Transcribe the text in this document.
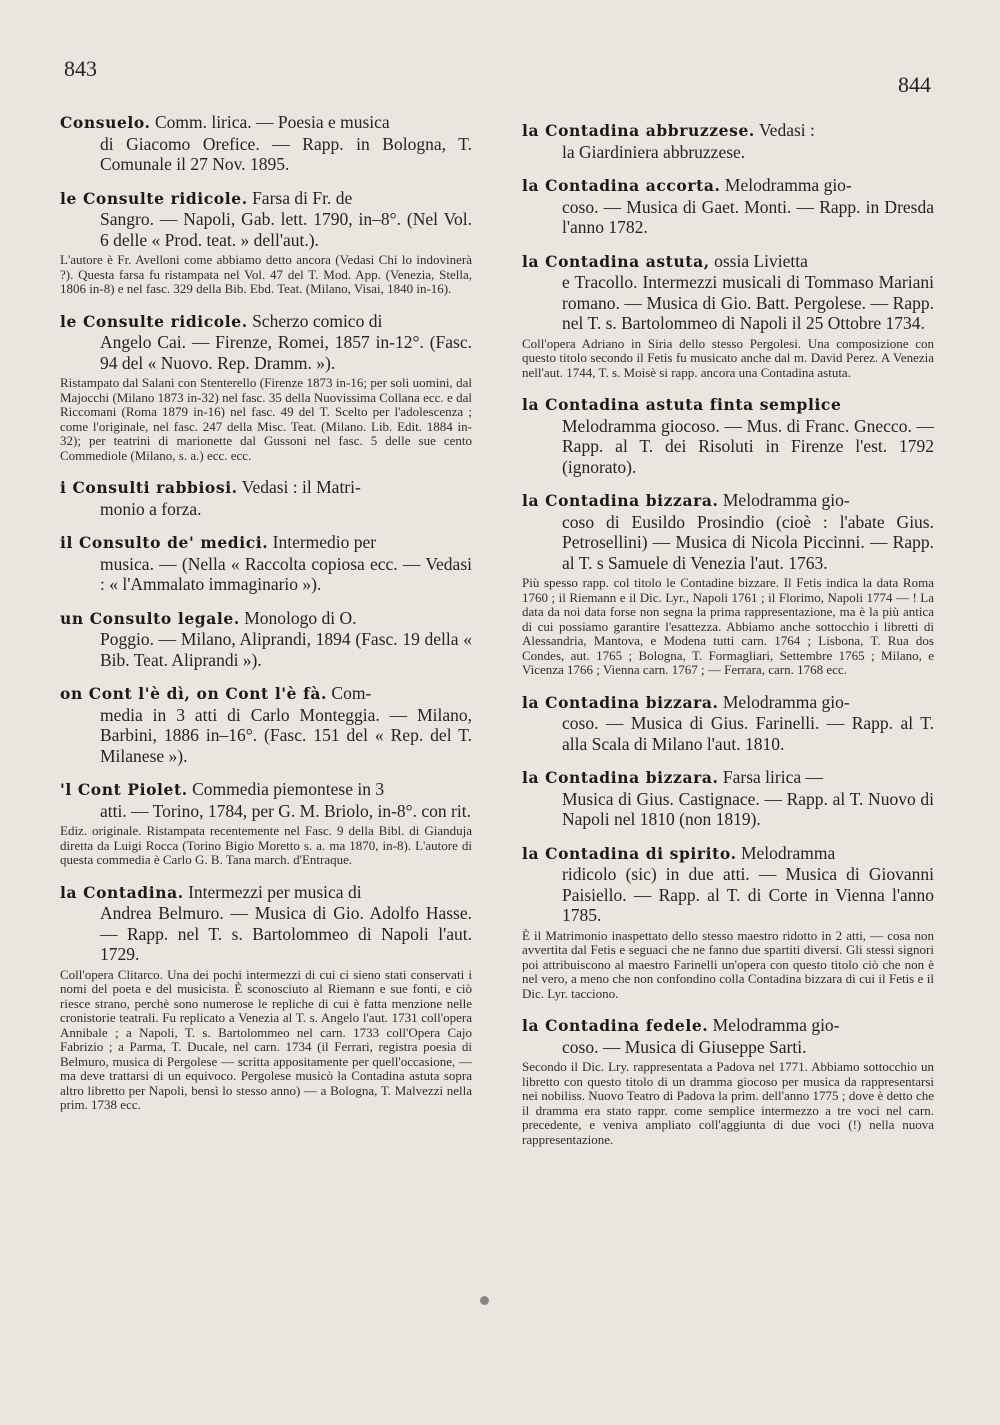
843
844
Consuelo. Comm. lirica. — Poesia e musica
di Giacomo Orefice. — Rapp. in Bologna, T. Comunale il 27 Nov. 1895.
le Consulte ridicole. Farsa di Fr. de
Sangro. — Napoli, Gab. lett. 1790, in–8°. (Nel Vol. 6 delle « Prod. teat. » dell'aut.).
L'autore è Fr. Avelloni come abbiamo detto ancora (Vedasi Chi lo indovinerà ?). Questa farsa fu ristampata nel Vol. 47 del T. Mod. App. (Venezia, Stella, 1806 in-8) e nel fasc. 329 della Bib. Ebd. Teat. (Milano, Visai, 1840 in-16).
le Consulte ridicole. Scherzo comico di
Angelo Cai. — Firenze, Romei, 1857 in-12°. (Fasc. 94 del « Nuovo. Rep. Dramm. »).
Ristampato dal Salani con Stenterello (Firenze 1873 in-16; per soli uomini, dal Majocchi (Milano 1873 in-32) nel fasc. 35 della Nuovissima Collana ecc. e dal Riccomani (Roma 1879 in-16) nel fasc. 49 del T. Scelto per l'adolescenza ; come l'originale, nel fasc. 247 della Misc. Teat. (Milano. Lib. Edit. 1884 in-32); per teatrini di marionette dal Gussoni nel fasc. 5 delle sue cento Commediole (Milano, s. a.) ecc. ecc.
i Consulti rabbiosi. Vedasi : il Matri-
monio a forza.
il Consulto de' medici. Intermedio per
musica. — (Nella « Raccolta copiosa ecc. — Vedasi : « l'Ammalato immaginario »).
un Consulto legale. Monologo di O.
Poggio. — Milano, Aliprandi, 1894 (Fasc. 19 della « Bib. Teat. Aliprandi »).
on Cont l'è dì, on Cont l'è fà. Com-
media in 3 atti di Carlo Monteggia. — Milano, Barbini, 1886 in–16°. (Fasc. 151 del « Rep. del T. Milanese »).
'l Cont Piolet. Commedia piemontese in 3
atti. — Torino, 1784, per G. M. Briolo, in-8°. con rit.
Ediz. originale. Ristampata recentemente nel Fasc. 9 della Bibl. di Gianduja diretta da Luigi Rocca (Torino Bigio Moretto s. a. ma 1870, in-8). L'autore di questa commedia è Carlo G. B. Tana march. d'Entraque.
la Contadina. Intermezzi per musica di
Andrea Belmuro. — Musica di Gio. Adolfo Hasse. — Rapp. nel T. s. Bartolommeo di Napoli l'aut. 1729.
Coll'opera Clitarco. Una dei pochi intermezzi di cui ci sieno stati conservati i nomi del poeta e del musicista. È sconosciuto al Riemann e sue fonti, e ciò riesce strano, perchè sono numerose le repliche di cui è fatta menzione nelle cronistorie teatrali. Fu replicato a Venezia al T. s. Angelo l'aut. 1731 coll'opera Annibale ; a Napoli, T. s. Bartolommeo nel carn. 1733 coll'Opera Cajo Fabrizio ; a Parma, T. Ducale, nel carn. 1734 (il Ferrari, registra poesia di Belmuro, musica di Pergolese — scritta appositamente per quell'occasione, — ma deve trattarsi di un equivoco. Pergolese musicò la Contadina astuta sopra altro libretto per Napoli, bensì lo stesso anno) — a Bologna, T. Malvezzi nella prim. 1738 ecc.
la Contadina abbruzzese. Vedasi :
la Giardiniera abbruzzese.
la Contadina accorta. Melodramma gio-
coso. — Musica di Gaet. Monti. — Rapp. in Dresda l'anno 1782.
la Contadina astuta, ossia Livietta
e Tracollo. Intermezzi musicali di Tommaso Mariani romano. — Musica di Gio. Batt. Pergolese. — Rapp. nel T. s. Bartolommeo di Napoli il 25 Ottobre 1734.
Coll'opera Adriano in Siria dello stesso Pergolesi. Una composizione con questo titolo secondo il Fetis fu musicato anche dal m. David Perez. A Venezia nell'aut. 1744, T. s. Moisè si rapp. ancora una Contadina astuta.
la Contadina astuta finta semplice
Melodramma giocoso. — Mus. di Franc. Gnecco. — Rapp. al T. dei Risoluti in Firenze l'est. 1792 (ignorato).
la Contadina bizzara. Melodramma gio-
coso di Eusildo Prosindio (cioè : l'abate Gius. Petrosellini) — Musica di Nicola Piccinni. — Rapp. al T. s Samuele di Venezia l'aut. 1763.
Più spesso rapp. col titolo le Contadine bizzare. Il Fetis indica la data Roma 1760 ; il Riemann e il Dic. Lyr., Napoli 1761 ; il Florimo, Napoli 1774 — ! La data da noi data forse non segna la prima rappresentazione, ma è la più antica di cui possiamo garantire l'esattezza. Abbiamo anche sottocchio i libretti di Alessandria, Mantova, e Modena tutti carn. 1764 ; Lisbona, T. Rua dos Condes, aut. 1765 ; Bologna, T. Formagliari, Settembre 1765 ; Milano, e Vicenza 1766 ; Vienna carn. 1767 ; — Ferrara, carn. 1768 ecc.
la Contadina bizzara. Melodramma gio-
coso. — Musica di Gius. Farinelli. — Rapp. al T. alla Scala di Milano l'aut. 1810.
la Contadina bizzara. Farsa lirica —
Musica di Gius. Castignace. — Rapp. al T. Nuovo di Napoli nel 1810 (non 1819).
la Contadina di spirito. Melodramma
ridicolo (sic) in due atti. — Musica di Giovanni Paisiello. — Rapp. al T. di Corte in Vienna l'anno 1785.
È il Matrimonio inaspettato dello stesso maestro ridotto in 2 atti, — cosa non avvertita dal Fetis e seguaci che ne fanno due spartiti diversi. Gli stessi signori poi attribuiscono al maestro Farinelli un'opera con questo titolo ciò che non è nel vero, a meno che non confondino colla Contadina bizzara di cui il Fetis e il Dic. Lyr. tacciono.
la Contadina fedele. Melodramma gio-
coso. — Musica di Giuseppe Sarti.
Secondo il Dic. Lry. rappresentata a Padova nel 1771. Abbiamo sottocchio un libretto con questo titolo di un dramma giocoso per musica da rappresentarsi nei nobiliss. Nuovo Teatro di Padova la prim. dell'anno 1775 ; dove è detto che il dramma era stato rappr. come semplice intermezzo a tre voci nel carn. precedente, e veniva ampliato coll'aggiunta di due voci (!) nella nuova rappresentazione.
